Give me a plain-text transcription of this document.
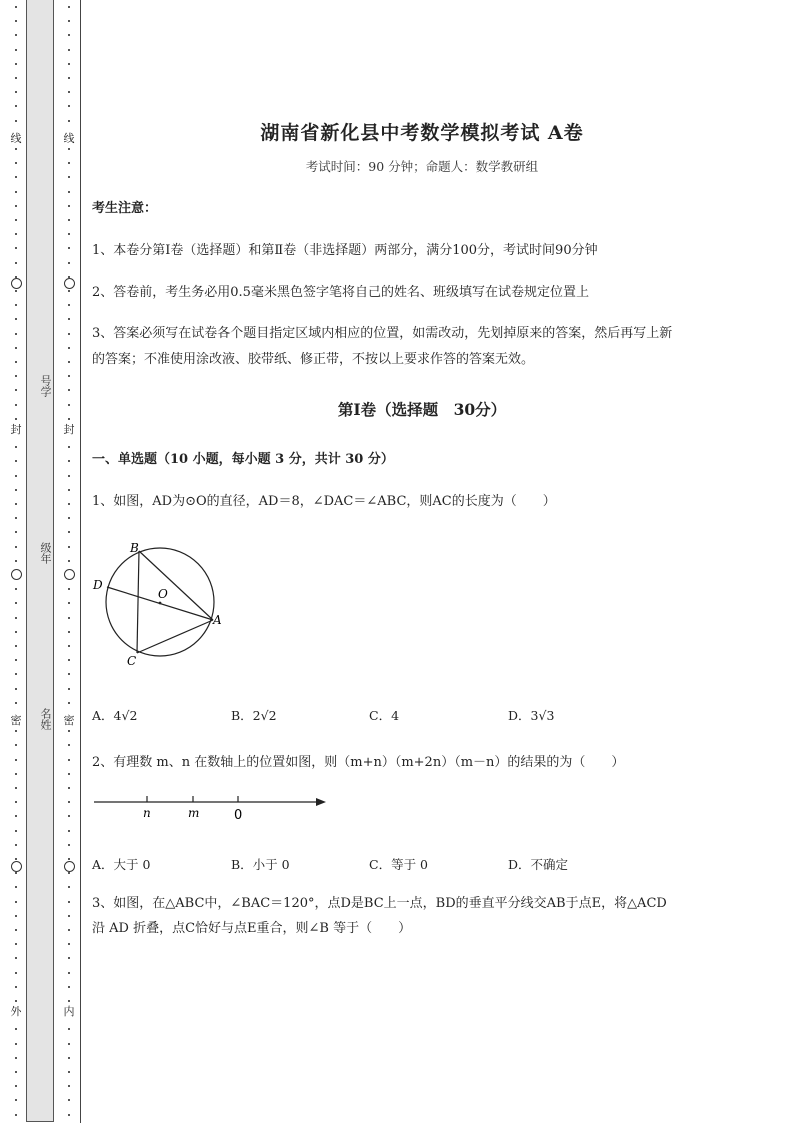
线
封
密
外
号学
级年
名姓
线
封
密
内
湖南省新化县中考数学模拟考试 A卷
考试时间：90 分钟；命题人：数学教研组
考生注意：
1、本卷分第Ⅰ卷（选择题）和第Ⅱ卷（非选择题）两部分，满分100分，考试时间90分钟
2、答卷前，考生务必用0.5毫米黑色签字笔将自己的姓名、班级填写在试卷规定位置上
3、答案必须写在试卷各个题目指定区域内相应的位置，如需改动，先划掉原来的答案，然后再写上新
的答案；不准使用涂改液、胶带纸、修正带，不按以上要求作答的答案无效。
第Ⅰ卷（选择题　30分）
一、单选题（10 小题，每小题 3 分，共计 30 分）
1、如图，AD为⊙O的直径，AD＝8，∠DAC＝∠ABC，则AC的长度为（　　）
B
D
O
A
C
A．4√2	B．2√2	C．4	D．3√3
2、有理数 m、n 在数轴上的位置如图，则（m+n）（m+2n）（m－n）的结果的为（　　）
n	m	0
A．大于 0	B．小于 0	C．等于 0	D．不确定
3、如图，在△ABC中，∠BAC＝120°，点D是BC上一点，BD的垂直平分线交AB于点E，将△ACD
沿 AD 折叠，点C恰好与点E重合，则∠B 等于（　　）
